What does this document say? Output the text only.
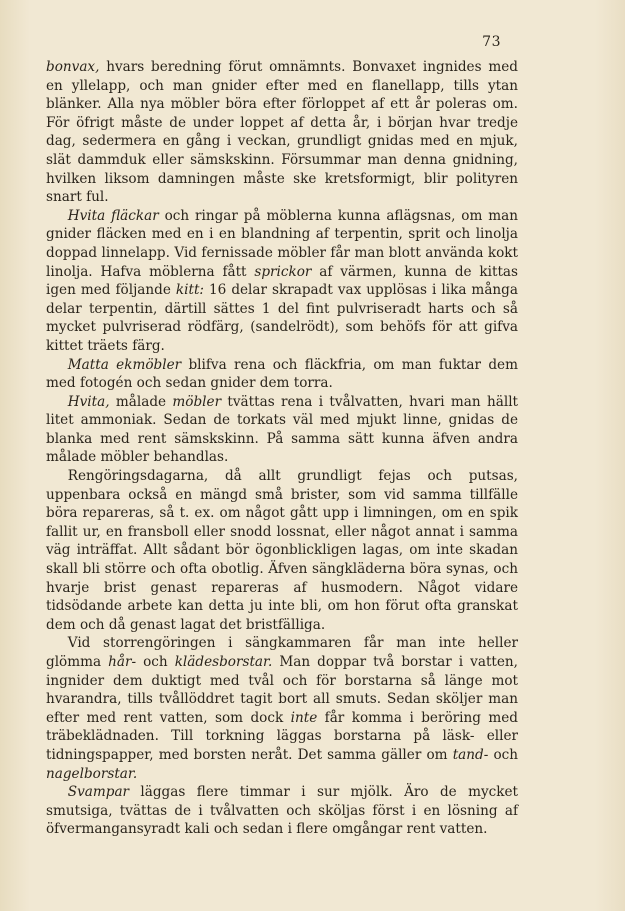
73

bonvax, hvars beredning förut omnämnts. Bonvaxet ingnides med en yllelapp, och man gnider efter med en flanellapp, tills ytan blänker. Alla nya möbler böra efter förloppet af ett år poleras om. För öfrigt måste de under loppet af detta år, i början hvar tredje dag, sedermera en gång i veckan, grundligt gnidas med en mjuk, slät dammduk eller sämskskinn. Försummar man denna gnidning, hvilken liksom damningen måste ske kretsformigt, blir polityren snart ful.

Hvita fläckar och ringar på möblerna kunna aflägsnas, om man gnider fläcken med en i en blandning af terpentin, sprit och linolja doppad linnelapp. Vid fernissade möbler får man blott använda kokt linolja. Hafva möblerna fått sprickor af värmen, kunna de kittas igen med följande kitt: 16 delar skrapadt vax upplösas i lika många delar terpentin, därtill sättes 1 del fint pulvriseradt harts och så mycket pulvriserad rödfärg, (sandelrödt), som behöfs för att gifva kittet träets färg.

Matta ekmöbler blifva rena och fläckfria, om man fuktar dem med fotogén och sedan gnider dem torra.

Hvita, målade möbler tvättas rena i tvålvatten, hvari man hällt litet ammoniak. Sedan de torkats väl med mjukt linne, gnidas de blanka med rent sämskskinn. På samma sätt kunna äfven andra målade möbler behandlas.

Rengöringsdagarna, då allt grundligt fejas och putsas, uppenbara också en mängd små brister, som vid samma tillfälle böra repareras, så t. ex. om något gått upp i limningen, om en spik fallit ur, en fransboll eller snodd lossnat, eller något annat i samma väg inträffat. Allt sådant bör ögonblickligen lagas, om inte skadan skall bli större och ofta obotlig. Äfven sängkläderna böra synas, och hvarje brist genast repareras af husmodern. Något vidare tidsödande arbete kan detta ju inte bli, om hon förut ofta granskat dem och då genast lagat det bristfälliga.

Vid storrengöringen i sängkammaren får man inte heller glömma hår- och klädesborstar. Man doppar två borstar i vatten, ingnider dem duktigt med tvål och för borstarna så länge mot hvarandra, tills tvållöddret tagit bort all smuts. Sedan sköljer man efter med rent vatten, som dock inte får komma i beröring med träbeklädnaden. Till torkning läggas borstarna på läsk- eller tidningspapper, med borsten neråt. Det samma gäller om tand- och nagelborstar.

Svampar läggas flere timmar i sur mjölk. Äro de mycket smutsiga, tvättas de i tvålvatten och sköljas först i en lösning af öfvermangansyradt kali och sedan i flere omgångar rent vatten.
